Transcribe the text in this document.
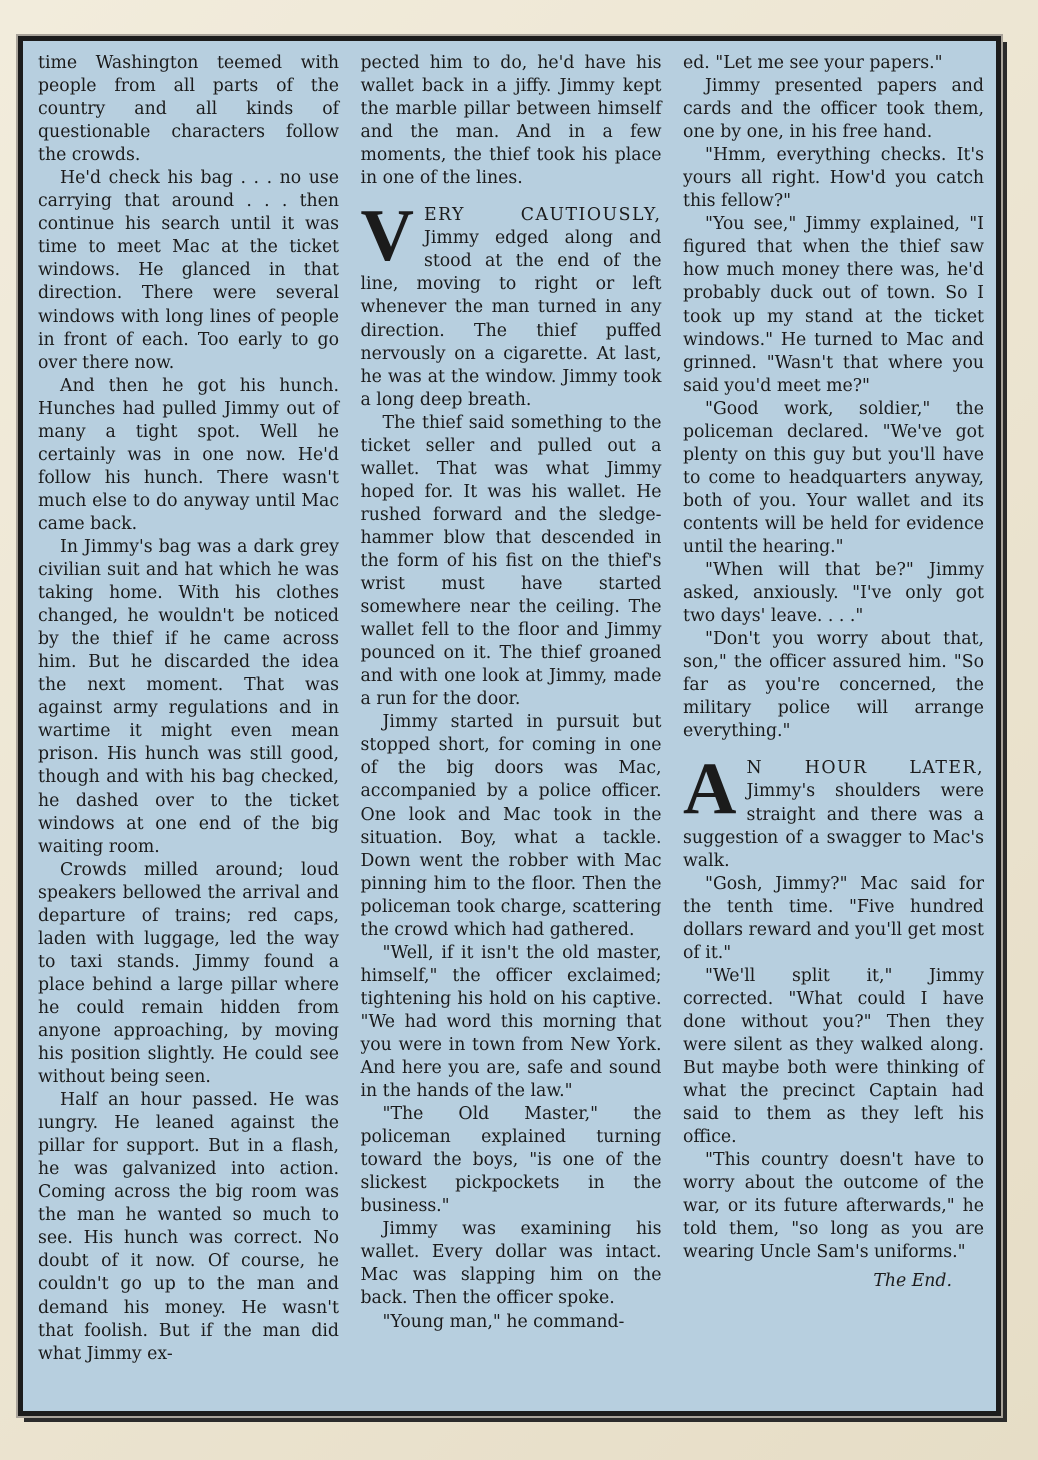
time Washington teemed with people from all parts of the country and all kinds of questionable characters follow the crowds.

He'd check his bag . . . no use carrying that around . . . then continue his search until it was time to meet Mac at the ticket windows. He glanced in that direction. There were several windows with long lines of people in front of each. Too early to go over there now.

And then he got his hunch. Hunches had pulled Jimmy out of many a tight spot. Well he certainly was in one now. He'd follow his hunch. There wasn't much else to do anyway until Mac came back.

In Jimmy's bag was a dark grey civilian suit and hat which he was taking home. With his clothes changed, he wouldn't be noticed by the thief if he came across him. But he discarded the idea the next moment. That was against army regulations and in wartime it might even mean prison. His hunch was still good, though and with his bag checked, he dashed over to the ticket windows at one end of the big waiting room.

Crowds milled around; loud speakers bellowed the arrival and departure of trains; red caps, laden with luggage, led the way to taxi stands. Jimmy found a place behind a large pillar where he could remain hidden from anyone approaching, by moving his position slightly. He could see without being seen.

Half an hour passed. He was ıungry. He leaned against the pillar for support. But in a flash, he was galvanized into action. Coming across the big room was the man he wanted so much to see. His hunch was correct. No doubt of it now. Of course, he couldn't go up to the man and demand his money. He wasn't that foolish. But if the man did what Jimmy ex-

pected him to do, he'd have his wallet back in a jiffy. Jimmy kept the marble pillar between himself and the man. And in a few moments, the thief took his place in one of the lines.

V ERY CAUTIOUSLY, Jimmy edged along and stood at the end of the line, moving to right or left whenever the man turned in any direction. The thief puffed nervously on a cigarette. At last, he was at the window. Jimmy took a long deep breath.

The thief said something to the ticket seller and pulled out a wallet. That was what Jimmy hoped for. It was his wallet. He rushed forward and the sledge-hammer blow that descended in the form of his fist on the thief's wrist must have started somewhere near the ceiling. The wallet fell to the floor and Jimmy pounced on it. The thief groaned and with one look at Jimmy, made a run for the door.

Jimmy started in pursuit but stopped short, for coming in one of the big doors was Mac, accompanied by a police officer. One look and Mac took in the situation. Boy, what a tackle. Down went the robber with Mac pinning him to the floor. Then the policeman took charge, scattering the crowd which had gathered.

"Well, if it isn't the old master, himself," the officer exclaimed; tightening his hold on his captive. "We had word this morning that you were in town from New York. And here you are, safe and sound in the hands of the law."

"The Old Master," the policeman explained turning toward the boys, "is one of the slickest pickpockets in the business."

Jimmy was examining his wallet. Every dollar was intact. Mac was slapping him on the back. Then the officer spoke.

"Young man," he command-

ed. "Let me see your papers."

Jimmy presented papers and cards and the officer took them, one by one, in his free hand.

"Hmm, everything checks. It's yours all right. How'd you catch this fellow?"

"You see," Jimmy explained, "I figured that when the thief saw how much money there was, he'd probably duck out of town. So I took up my stand at the ticket windows." He turned to Mac and grinned. "Wasn't that where you said you'd meet me?"

"Good work, soldier," the policeman declared. "We've got plenty on this guy but you'll have to come to headquarters anyway, both of you. Your wallet and its contents will be held for evidence until the hearing."

"When will that be?" Jimmy asked, anxiously. "I've only got two days' leave. . . ."

"Don't you worry about that, son," the officer assured him. "So far as you're concerned, the military police will arrange everything."

A N HOUR LATER, Jimmy's shoulders were straight and there was a suggestion of a swagger to Mac's walk.

"Gosh, Jimmy?" Mac said for the tenth time. "Five hundred dollars reward and you'll get most of it."

"We'll split it," Jimmy corrected. "What could I have done without you?" Then they were silent as they walked along. But maybe both were thinking of what the precinct Captain had said to them as they left his office.

"This country doesn't have to worry about the outcome of the war, or its future afterwards," he told them, "so long as you are wearing Uncle Sam's uniforms."

The End.
